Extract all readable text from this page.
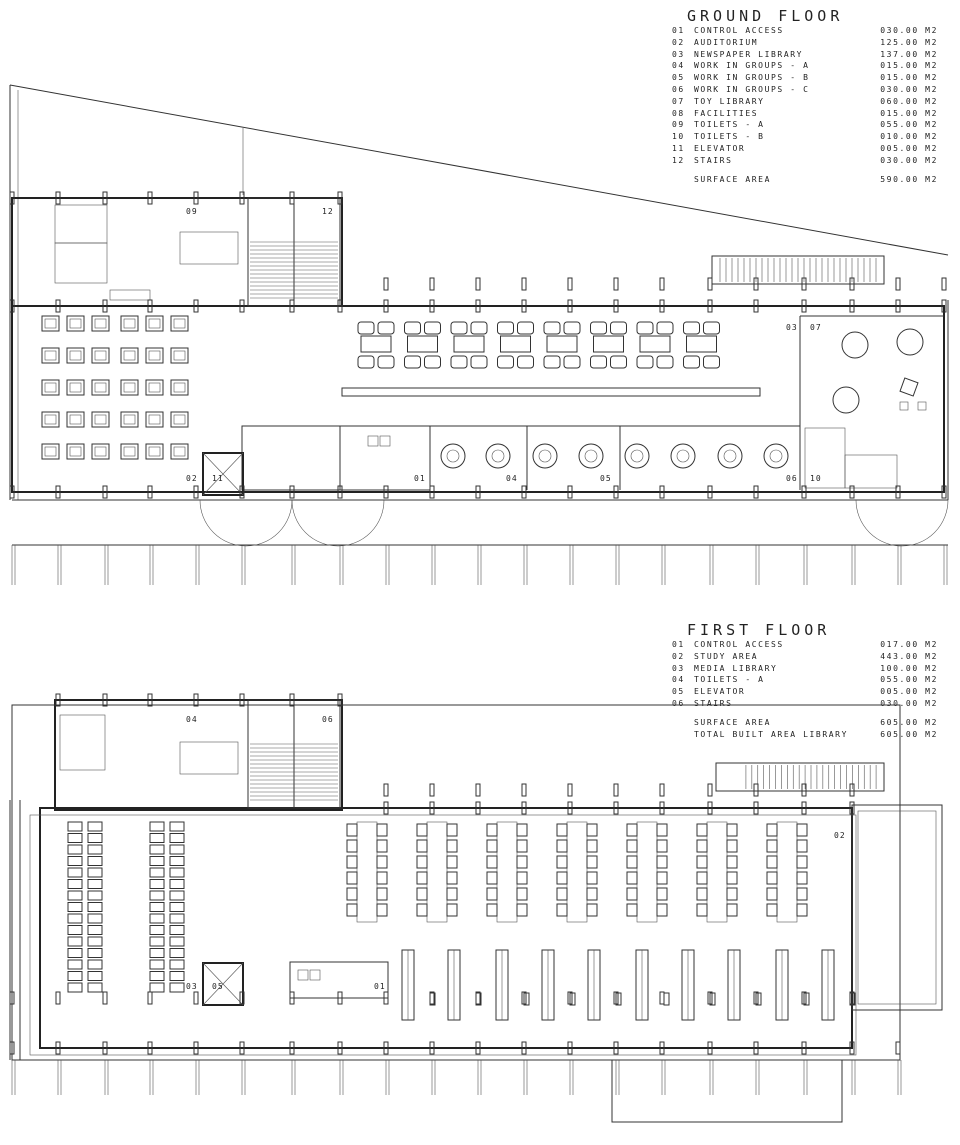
GROUND FLOOR
01	CONTROL ACCESS	030.00 M2
02	AUDITORIUM	125.00 M2
03	NEWSPAPER LIBRARY	137.00 M2
04	WORK IN GROUPS - A	015.00 M2
05	WORK IN GROUPS - B	015.00 M2
06	WORK IN GROUPS - C	030.00 M2
07	TOY LIBRARY	060.00 M2
08	FACILITIES	015.00 M2
09	TOILETS - A	055.00 M2
10	TOILETS - B	010.00 M2
11	ELEVATOR	005.00 M2
12	STAIRS	030.00 M2
SURFACE AREA	590.00 M2
FIRST FLOOR
01	CONTROL ACCESS	017.00 M2
02	STUDY AREA	443.00 M2
03	MEDIA LIBRARY	100.00 M2
04	TOILETS - A	055.00 M2
05	ELEVATOR	005.00 M2
06	STAIRS	030.00 M2
SURFACE AREA	605.00 M2
TOTAL BUILT AREA LIBRARY	605.00 M2
09	12
03 07
02 11	01	04	05	06 10
04	06
02
03 05	01
